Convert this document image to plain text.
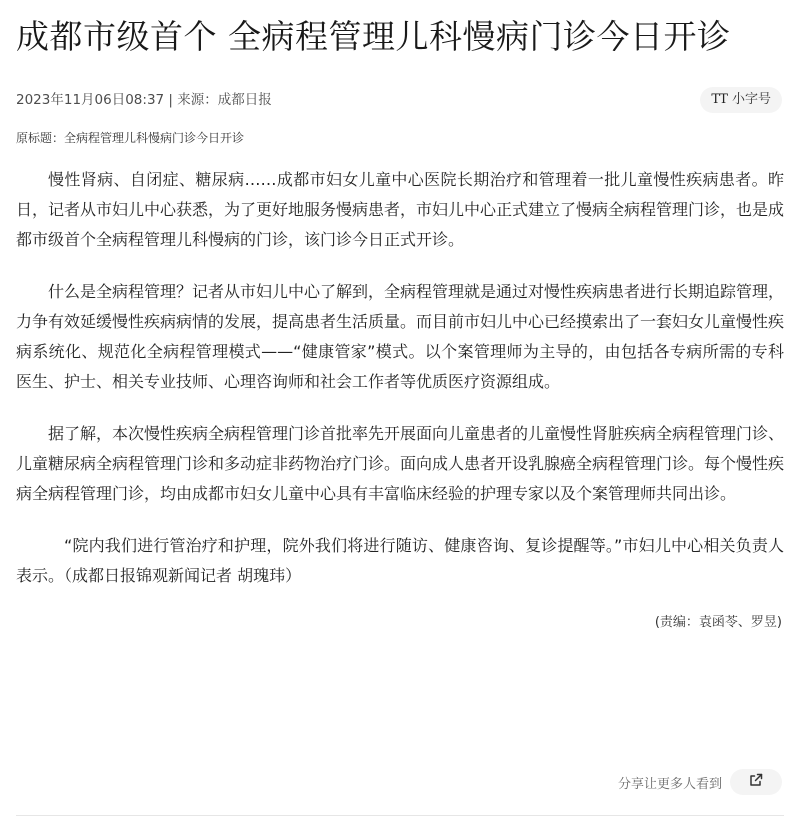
成都市级首个 全病程管理儿科慢病门诊今日开诊
2023年11月06日08:37 | 来源：成都日报	TT 小字号
原标题：全病程管理儿科慢病门诊今日开诊

慢性肾病、自闭症、糖尿病……成都市妇女儿童中心医院长期治疗和管理着一批儿童慢性疾病患者。昨日，记者从市妇儿中心获悉，为了更好地服务慢病患者，市妇儿中心正式建立了慢病全病程管理门诊，也是成都市级首个全病程管理儿科慢病的门诊，该门诊今日正式开诊。

什么是全病程管理？记者从市妇儿中心了解到，全病程管理就是通过对慢性疾病患者进行长期追踪管理，力争有效延缓慢性疾病病情的发展，提高患者生活质量。而目前市妇儿中心已经摸索出了一套妇女儿童慢性疾病系统化、规范化全病程管理模式——“健康管家”模式。以个案管理师为主导的，由包括各专病所需的专科医生、护士、相关专业技师、心理咨询师和社会工作者等优质医疗资源组成。

据了解，本次慢性疾病全病程管理门诊首批率先开展面向儿童患者的儿童慢性肾脏疾病全病程管理门诊、儿童糖尿病全病程管理门诊和多动症非药物治疗门诊。面向成人患者开设乳腺癌全病程管理门诊。每个慢性疾病全病程管理门诊，均由成都市妇女儿童中心具有丰富临床经验的护理专家以及个案管理师共同出诊。

“院内我们进行管治疗和护理，院外我们将进行随访、健康咨询、复诊提醒等。”市妇儿中心相关负责人表示。（成都日报锦观新闻记者 胡瑰玮）

(责编：袁函苓、罗昱)
分享让更多人看到
